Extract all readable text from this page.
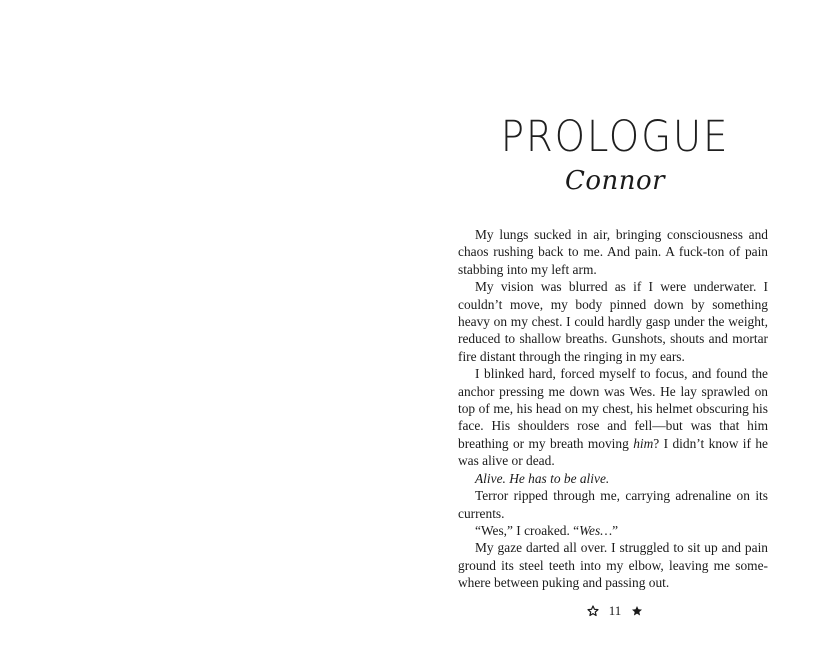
PROLOGUE
Connor

My lungs sucked in air, bringing consciousness and chaos rushing back to me. And pain. A fuck-ton of pain stabbing into my left arm.

My vision was blurred as if I were underwater. I couldn’t move, my body pinned down by something heavy on my chest. I could hardly gasp under the weight, reduced to shallow breaths. Gunshots, shouts and mortar fire distant through the ringing in my ears.

I blinked hard, forced myself to focus, and found the anchor pressing me down was Wes. He lay sprawled on top of me, his head on my chest, his helmet obscuring his face. His shoulders rose and fell—but was that him breathing or my breath moving him? I didn’t know if he was alive or dead.

Alive. He has to be alive.

Terror ripped through me, carrying adrenaline on its currents.

“Wes,” I croaked. “Wes…”

My gaze darted all over. I struggled to sit up and pain ground its steel teeth into my elbow, leaving me some-where between puking and passing out.

11
